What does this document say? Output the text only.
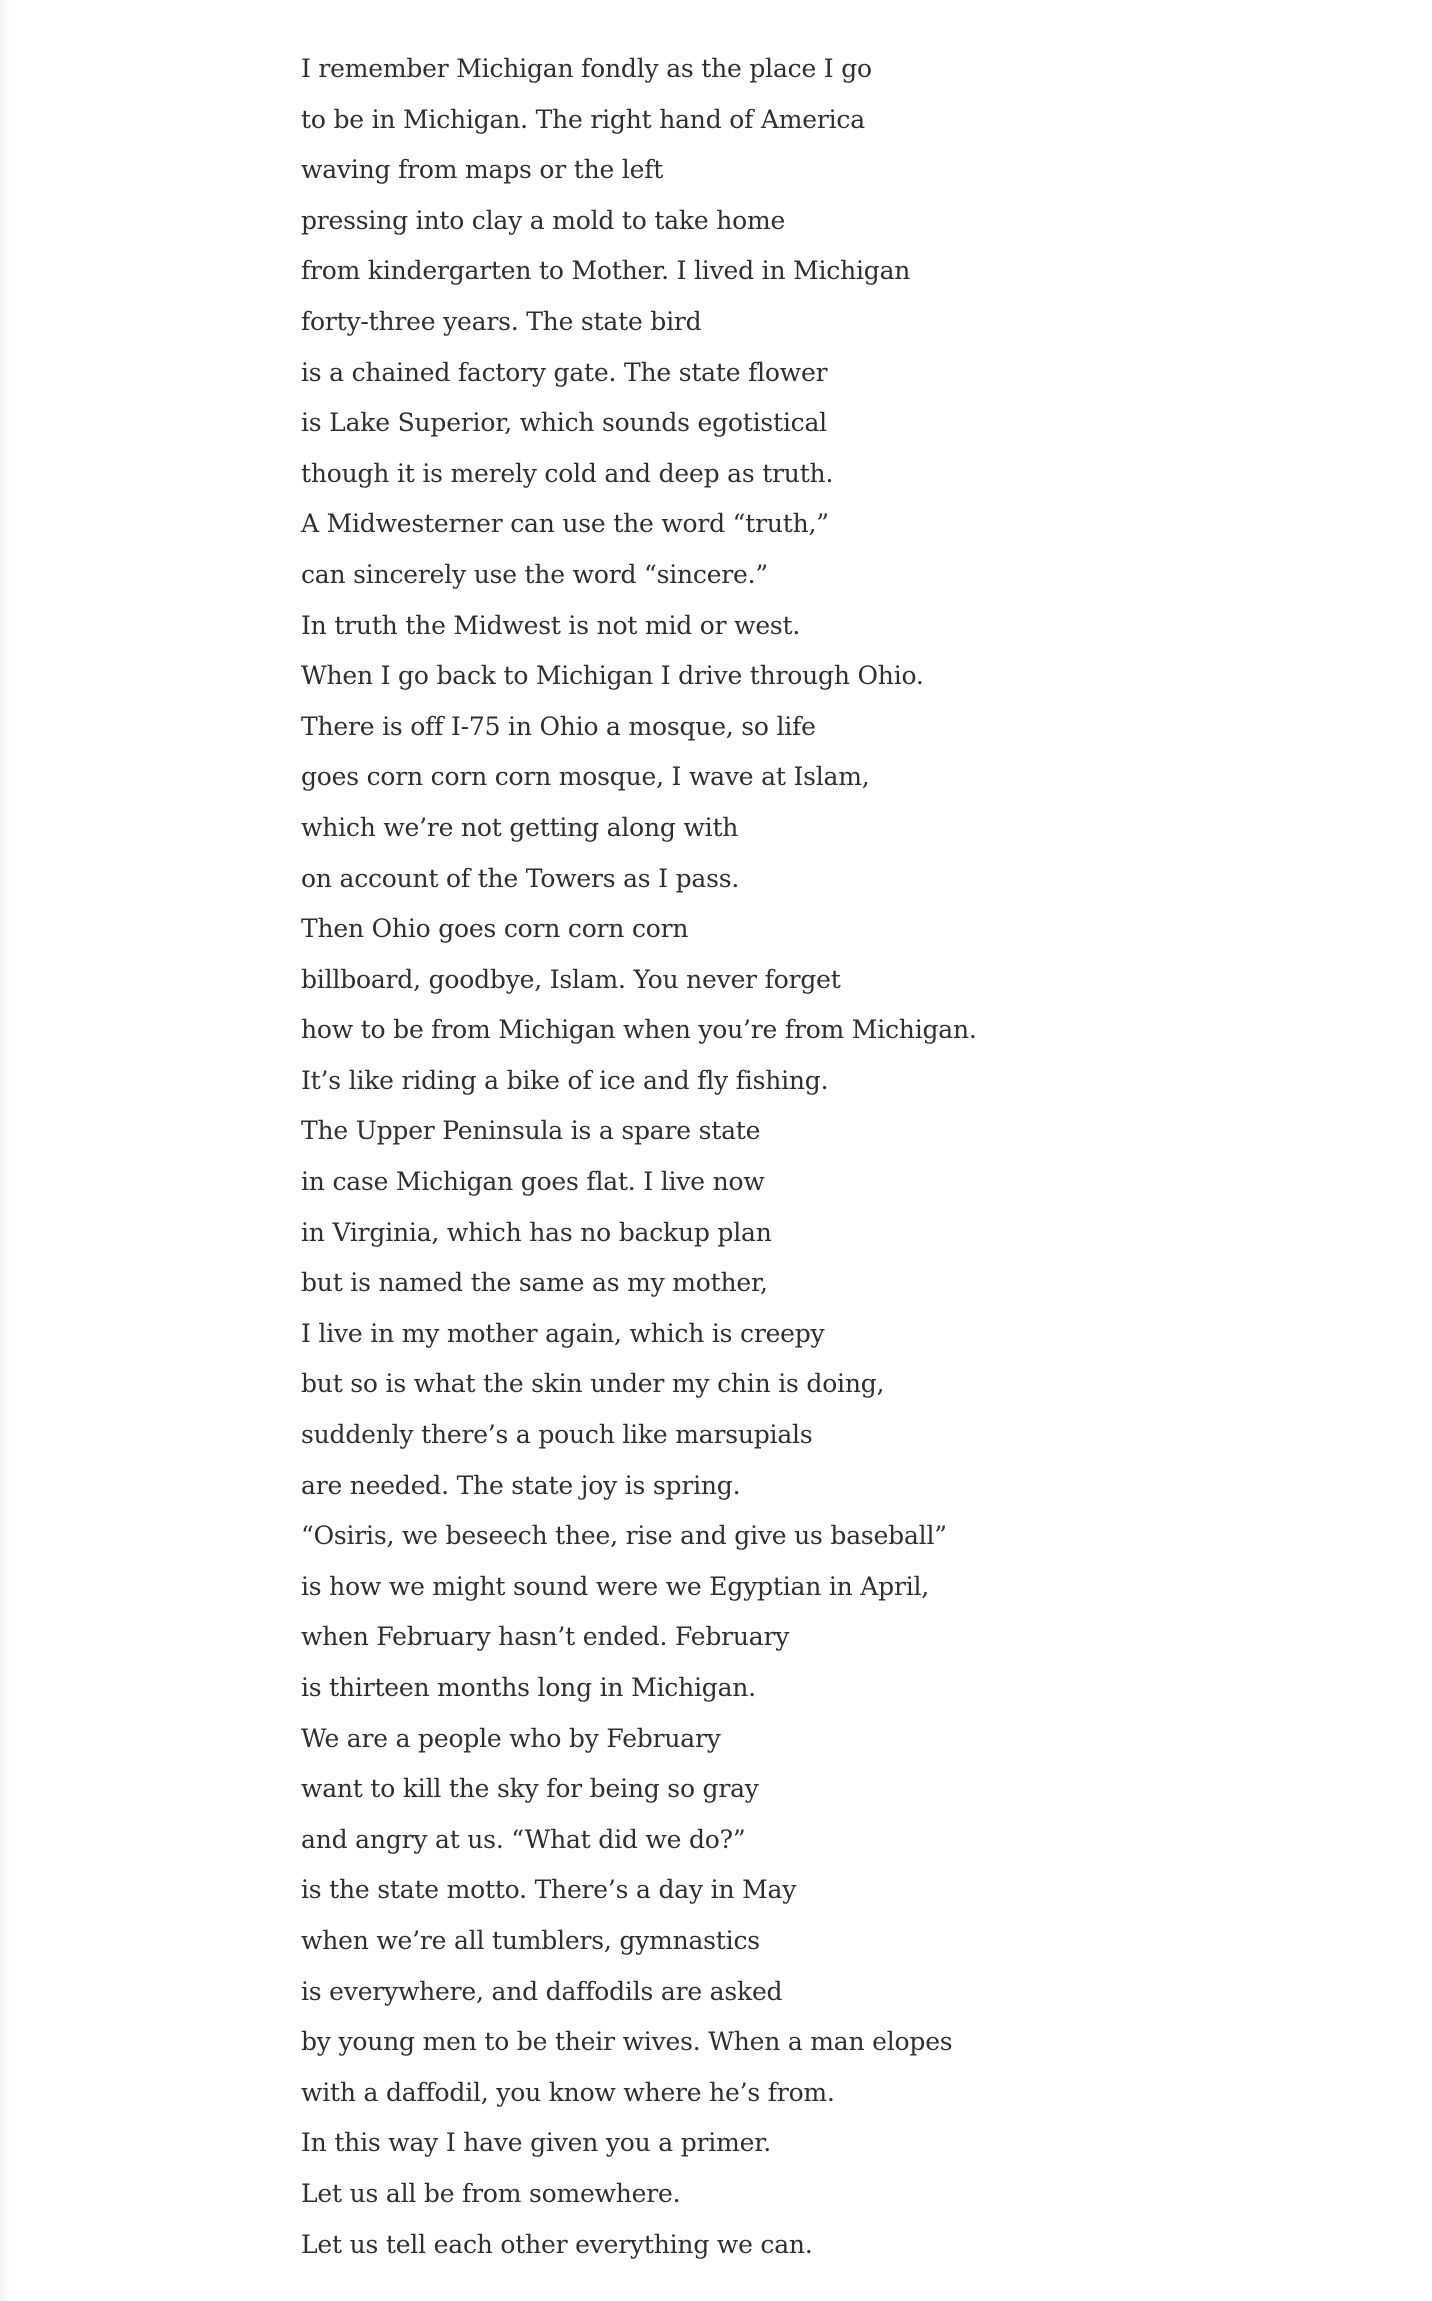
I remember Michigan fondly as the place I go
to be in Michigan. The right hand of America
waving from maps or the left
pressing into clay a mold to take home
from kindergarten to Mother. I lived in Michigan
forty-three years. The state bird
is a chained factory gate. The state flower
is Lake Superior, which sounds egotistical
though it is merely cold and deep as truth.
A Midwesterner can use the word “truth,”
can sincerely use the word “sincere.”
In truth the Midwest is not mid or west.
When I go back to Michigan I drive through Ohio.
There is off I-75 in Ohio a mosque, so life
goes corn corn corn mosque, I wave at Islam,
which we’re not getting along with
on account of the Towers as I pass.
Then Ohio goes corn corn corn
billboard, goodbye, Islam. You never forget
how to be from Michigan when you’re from Michigan.
It’s like riding a bike of ice and fly fishing.
The Upper Peninsula is a spare state
in case Michigan goes flat. I live now
in Virginia, which has no backup plan
but is named the same as my mother,
I live in my mother again, which is creepy
but so is what the skin under my chin is doing,
suddenly there’s a pouch like marsupials
are needed. The state joy is spring.
“Osiris, we beseech thee, rise and give us baseball”
is how we might sound were we Egyptian in April,
when February hasn’t ended. February
is thirteen months long in Michigan.
We are a people who by February
want to kill the sky for being so gray
and angry at us. “What did we do?”
is the state motto. There’s a day in May
when we’re all tumblers, gymnastics
is everywhere, and daffodils are asked
by young men to be their wives. When a man elopes
with a daffodil, you know where he’s from.
In this way I have given you a primer.
Let us all be from somewhere.
Let us tell each other everything we can.
